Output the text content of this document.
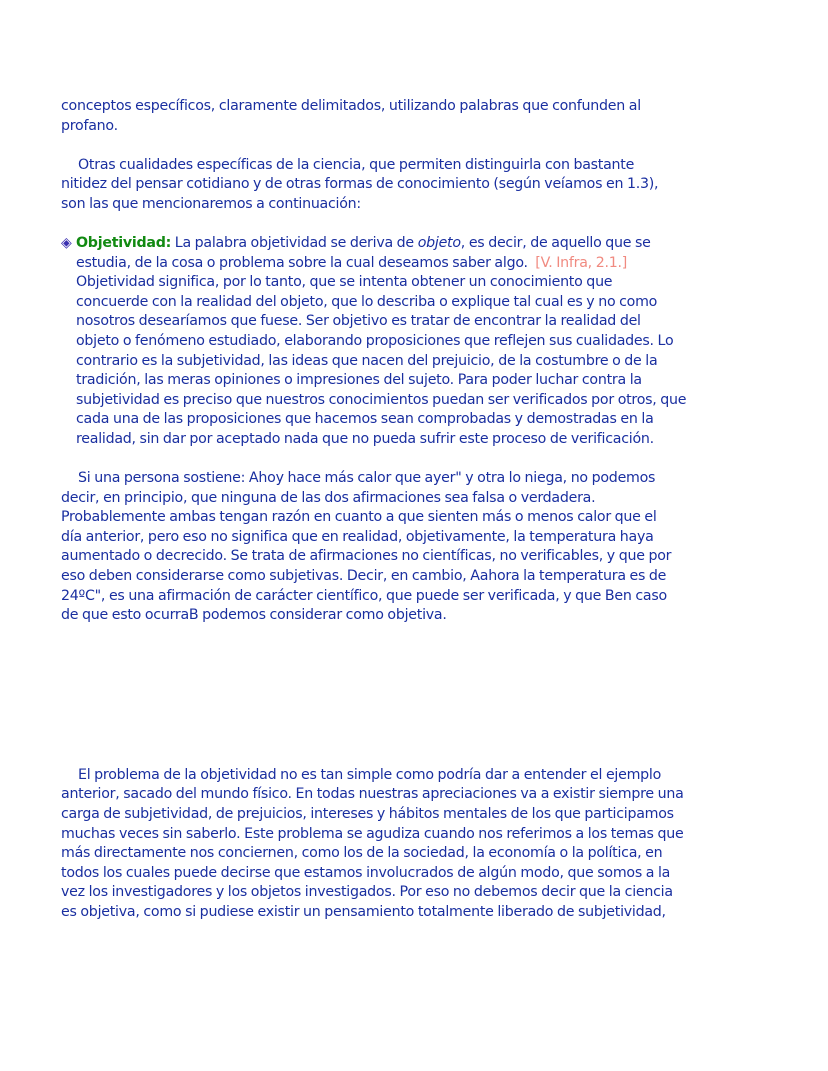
conceptos específicos, claramente delimitados, utilizando palabras que confunden al
profano.
Otras cualidades específicas de la ciencia, que permiten distinguirla con bastante
nitidez del pensar cotidiano y de otras formas de conocimiento (según veíamos en 1.3),
son las que mencionaremos a continuación:
◈ Objetividad: La palabra objetividad se deriva de objeto, es decir, de aquello que se
estudia, de la cosa o problema sobre la cual deseamos saber algo. [V. Infra, 2.1.]
Objetividad significa, por lo tanto, que se intenta obtener un conocimiento que
concuerde con la realidad del objeto, que lo describa o explique tal cual es y no como
nosotros desearíamos que fuese. Ser objetivo es tratar de encontrar la realidad del
objeto o fenómeno estudiado, elaborando proposiciones que reflejen sus cualidades. Lo
contrario es la subjetividad, las ideas que nacen del prejuicio, de la costumbre o de la
tradición, las meras opiniones o impresiones del sujeto. Para poder luchar contra la
subjetividad es preciso que nuestros conocimientos puedan ser verificados por otros, que
cada una de las proposiciones que hacemos sean comprobadas y demostradas en la
realidad, sin dar por aceptado nada que no pueda sufrir este proceso de verificación.
Si una persona sostiene: Ahoy hace más calor que ayer" y otra lo niega, no podemos
decir, en principio, que ninguna de las dos afirmaciones sea falsa o verdadera.
Probablemente ambas tengan razón en cuanto a que sienten más o menos calor que el
día anterior, pero eso no significa que en realidad, objetivamente, la temperatura haya
aumentado o decrecido. Se trata de afirmaciones no científicas, no verificables, y que por
eso deben considerarse como subjetivas. Decir, en cambio, Aahora la temperatura es de
24ºC", es una afirmación de carácter científico, que puede ser verificada, y que Ben caso
de que esto ocurraB podemos considerar como objetiva.
El problema de la objetividad no es tan simple como podría dar a entender el ejemplo
anterior, sacado del mundo físico. En todas nuestras apreciaciones va a existir siempre una
carga de subjetividad, de prejuicios, intereses y hábitos mentales de los que participamos
muchas veces sin saberlo. Este problema se agudiza cuando nos referimos a los temas que
más directamente nos conciernen, como los de la sociedad, la economía o la política, en
todos los cuales puede decirse que estamos involucrados de algún modo, que somos a la
vez los investigadores y los objetos investigados. Por eso no debemos decir que la ciencia
es objetiva, como si pudiese existir un pensamiento totalmente liberado de subjetividad,
